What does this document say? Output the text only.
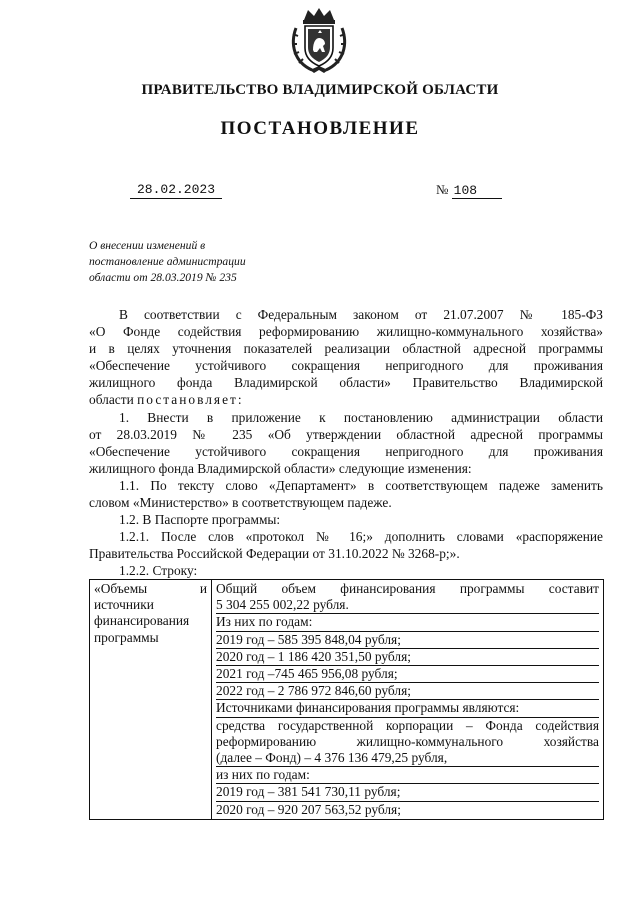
ПРАВИТЕЛЬСТВО ВЛАДИМИРСКОЙ ОБЛАСТИ
ПОСТАНОВЛЕНИЕ
28.02.2023	№ 108
О внесении изменений в
постановление администрации
области от 28.03.2019 № 235

В соответствии с Федеральным законом от 21.07.2007 № 185-ФЗ

«О Фонде содействия реформированию жилищно-коммунального хозяйства»

и в целях уточнения показателей реализации областной адресной программы

«Обеспечение устойчивого сокращения непригодного для проживания

жилищного фонда Владимирской области» Правительство Владимирской

области постановляет:

1. Внести в приложение к постановлению администрации области

от 28.03.2019 № 235 «Об утверждении областной адресной программы

«Обеспечение устойчивого сокращения непригодного для проживания

жилищного фонда Владимирской области» следующие изменения:

1.1. По тексту слово «Департамент» в соответствующем падеже заменить

словом «Министерство» в соответствующем падеже.

1.2. В Паспорте программы:

1.2.1. После слов «протокол № 16;» дополнить словами «распоряжение

Правительства Российской Федерации от 31.10.2022 № 3268-р;».

1.2.2. Строку:

«Объемы и
источники
финансирования
программы

Общий объем финансирования программы составит
5 304 255 002,22 рубля.
Из них по годам:
2019 год – 585 395 848,04 рубля;
2020 год – 1 186 420 351,50 рубля;
2021 год –745 465 956,08 рубля;
2022 год – 2 786 972 846,60 рубля;
Источниками финансирования программы являются:
средства государственной корпорации – Фонда содействия
реформированию жилищно-коммунального хозяйства
(далее – Фонд) – 4 376 136 479,25 рубля,
из них по годам:
2019 год – 381 541 730,11 рубля;
2020 год – 920 207 563,52 рубля;
